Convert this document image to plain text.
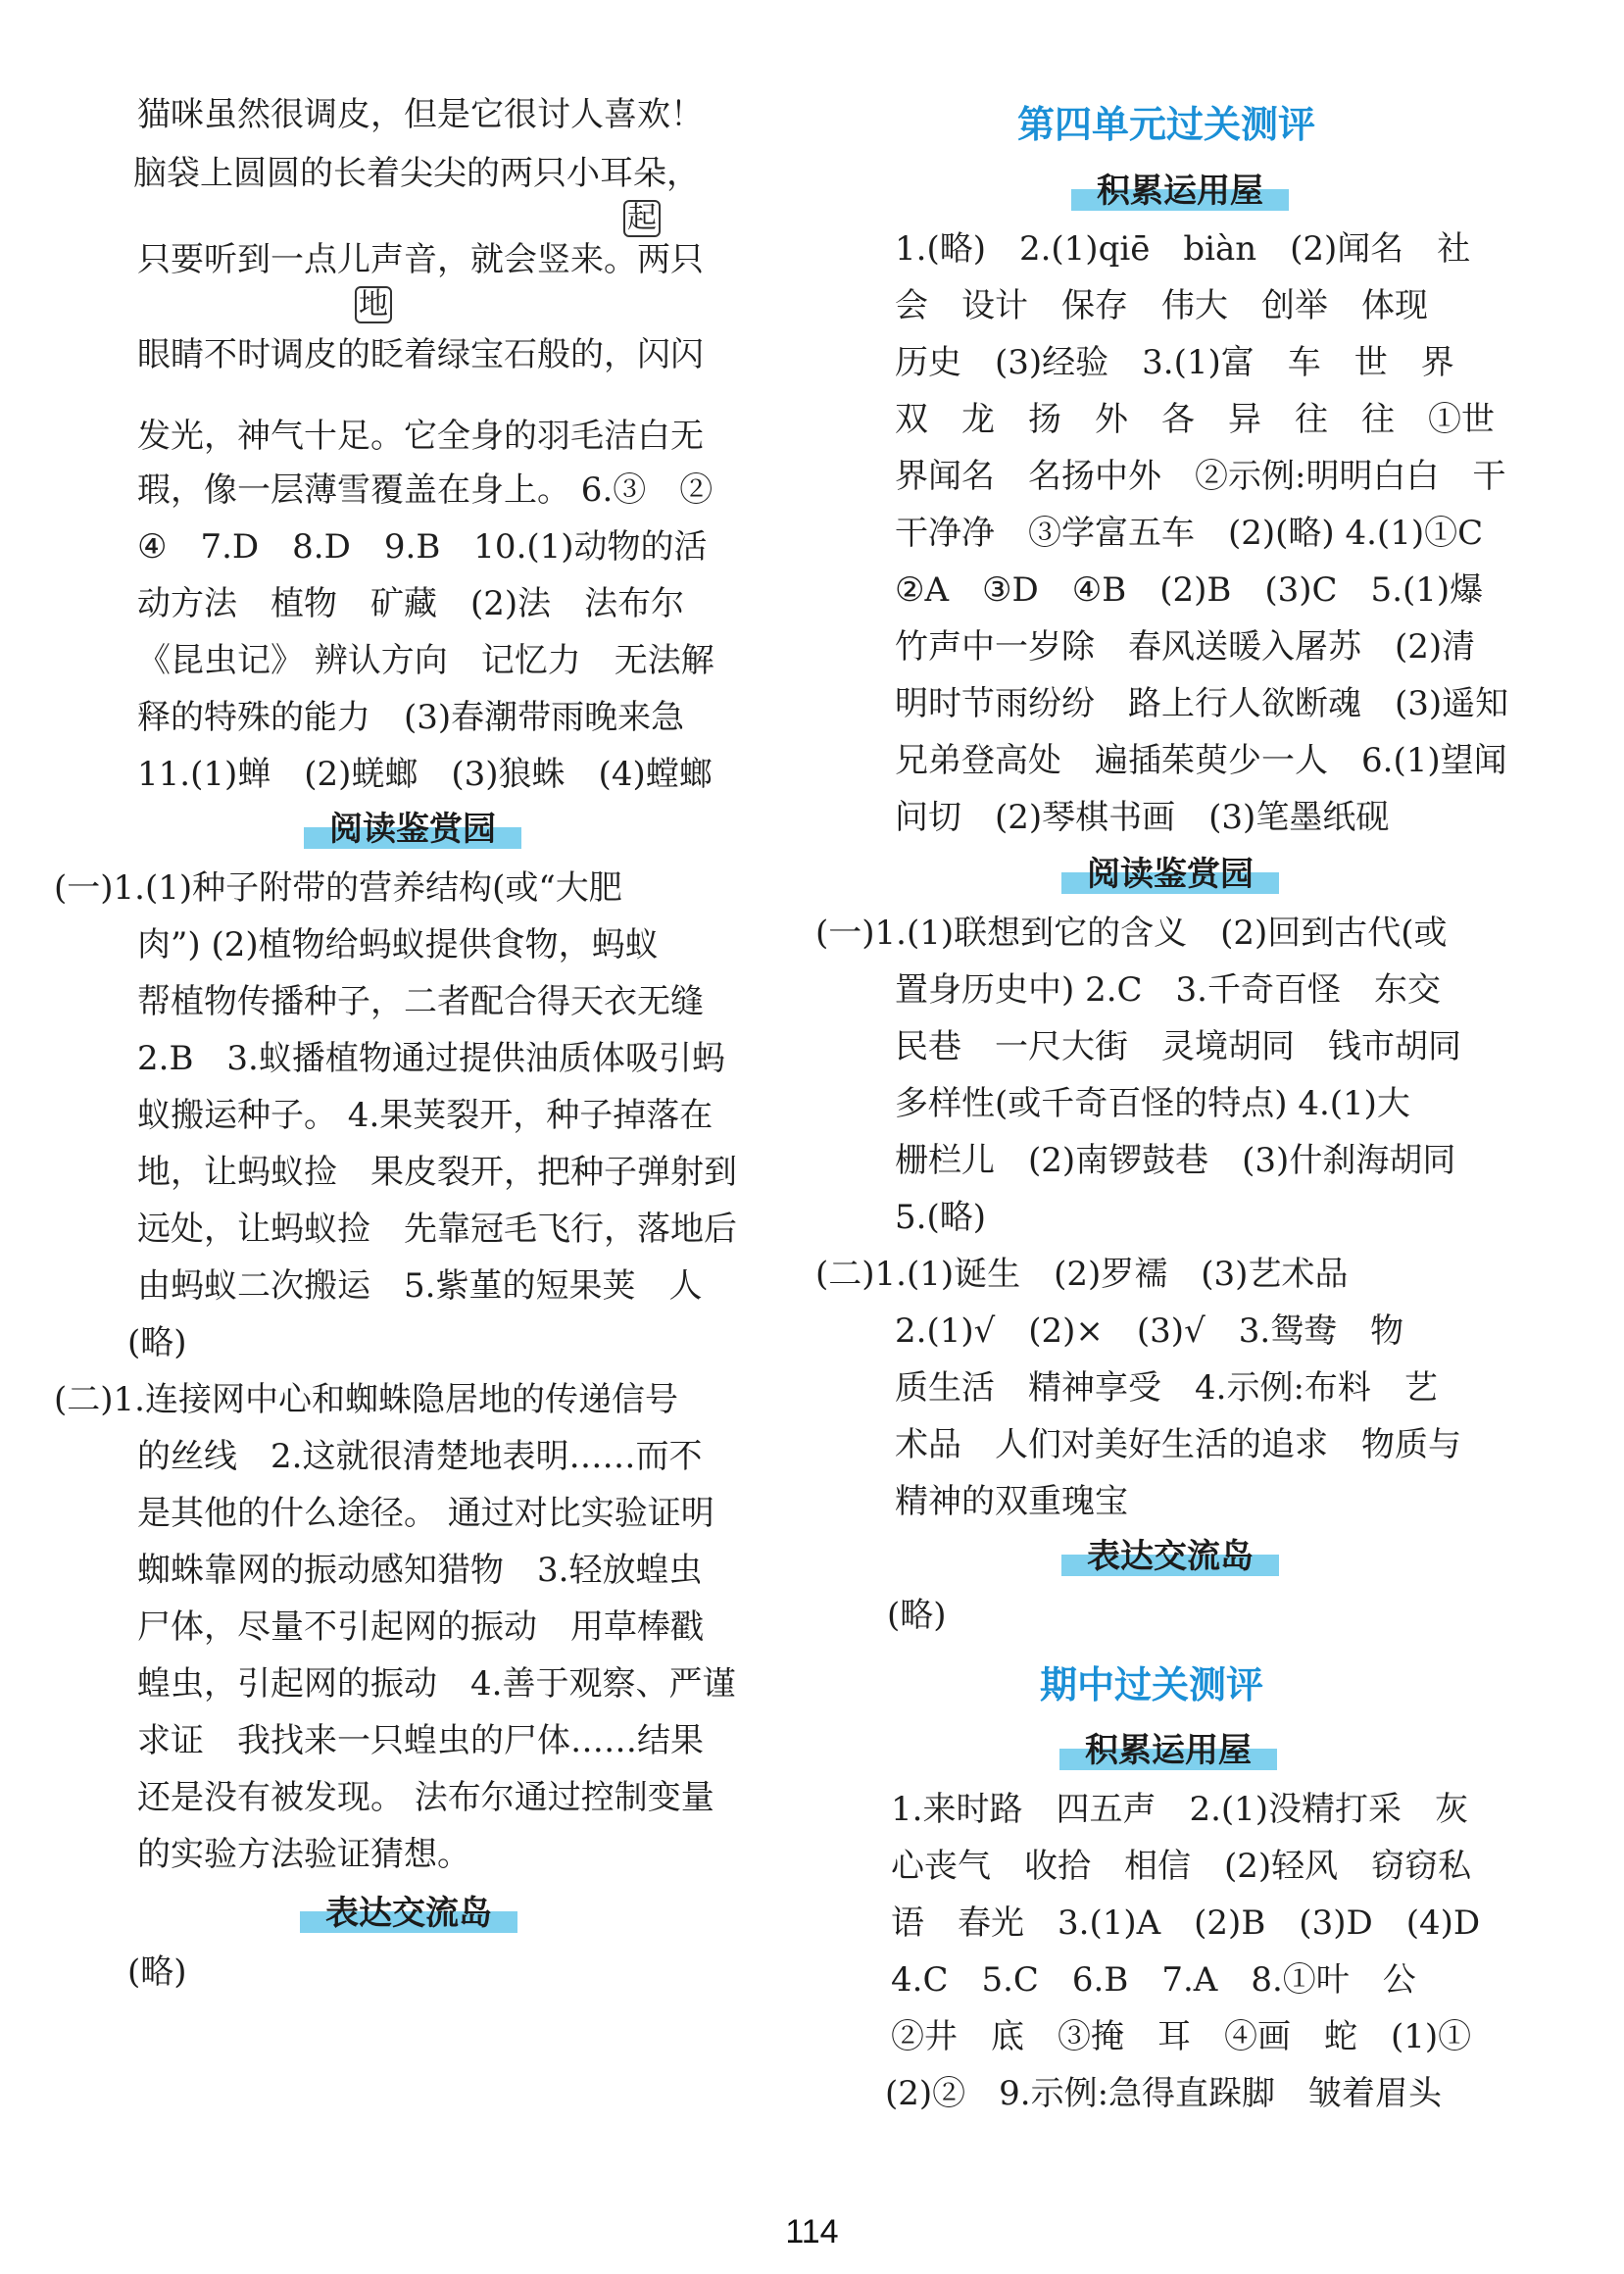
猫咪虽然很调皮，但是它很讨人喜欢！
脑袋上圆圆的长着尖尖的两只小耳朵，
起
只要听到一点儿声音，就会竖来。两只
地
眼睛不时调皮的眨着绿宝石般的，闪闪
发光，神气十足。它全身的羽毛洁白无
瑕，像一层薄雪覆盖在身上。 6.③　②
④　7.D　8.D　9.B　10.(1)动物的活
动方法　植物　矿藏　(2)法　法布尔
《昆虫记》 辨认方向　记忆力　无法解
释的特殊的能力　(3)春潮带雨晚来急
11.(1)蝉　(2)蜣螂　(3)狼蛛　(4)螳螂
阅读鉴赏园
(一)1.(1)种子附带的营养结构(或“大肥
肉”) (2)植物给蚂蚁提供食物，蚂蚁
帮植物传播种子，二者配合得天衣无缝
2.B　3.蚁播植物通过提供油质体吸引蚂
蚁搬运种子。 4.果荚裂开，种子掉落在
地，让蚂蚁捡　果皮裂开，把种子弹射到
远处，让蚂蚁捡　先靠冠毛飞行，落地后
由蚂蚁二次搬运　5.紫堇的短果荚　人
(略)
(二)1.连接网中心和蜘蛛隐居地的传递信号
的丝线　2.这就很清楚地表明……而不
是其他的什么途径。 通过对比实验证明
蜘蛛靠网的振动感知猎物　3.轻放蝗虫
尸体，尽量不引起网的振动　用草棒戳
蝗虫，引起网的振动　4.善于观察、严谨
求证　我找来一只蝗虫的尸体……结果
还是没有被发现。 法布尔通过控制变量
的实验方法验证猜想。
表达交流岛
(略)
第四单元过关测评
积累运用屋
1.(略)　2.(1)qiē　biàn　(2)闻名　社
会　设计　保存　伟大　创举　体现
历史　(3)经验　3.(1)富　车　世　界
双　龙　扬　外　各　异　往　往　①世
界闻名　名扬中外　②示例:明明白白　干
干净净　③学富五车　(2)(略) 4.(1)①C
②A　③D　④B　(2)B　(3)C　5.(1)爆
竹声中一岁除　春风送暖入屠苏　(2)清
明时节雨纷纷　路上行人欲断魂　(3)遥知
兄弟登高处　遍插茱萸少一人　6.(1)望闻
问切　(2)琴棋书画　(3)笔墨纸砚
阅读鉴赏园
(一)1.(1)联想到它的含义　(2)回到古代(或
置身历史中) 2.C　3.千奇百怪　东交
民巷　一尺大街　灵境胡同　钱市胡同
多样性(或千奇百怪的特点) 4.(1)大
栅栏儿　(2)南锣鼓巷　(3)什刹海胡同
5.(略)
(二)1.(1)诞生　(2)罗襦　(3)艺术品
2.(1)√　(2)×　(3)√　3.鸳鸯　物
质生活　精神享受　4.示例:布料　艺
术品　人们对美好生活的追求　物质与
精神的双重瑰宝
表达交流岛
(略)
期中过关测评
积累运用屋
1.来时路　四五声　2.(1)没精打采　灰
心丧气　收拾　相信　(2)轻风　窃窃私
语　春光　3.(1)A　(2)B　(3)D　(4)D
4.C　5.C　6.B　7.A　8.①叶　公
②井　底　③掩　耳　④画　蛇　(1)①
(2)②　9.示例:急得直跺脚　皱着眉头
114
